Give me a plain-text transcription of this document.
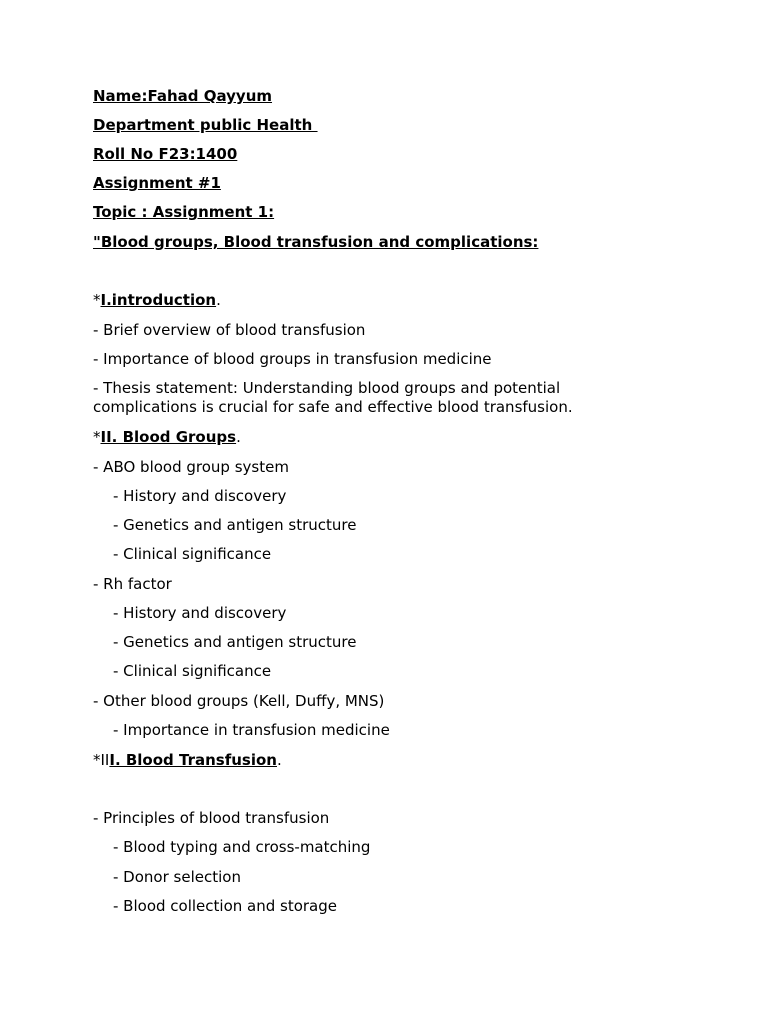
Name:Fahad Qayyum
Department public Health
Roll No F23:1400
Assignment #1
Topic : Assignment 1:
"Blood groups, Blood transfusion and complications:
*I.introduction.
- Brief overview of blood transfusion
- Importance of blood groups in transfusion medicine
- Thesis statement: Understanding blood groups and potential complications is crucial for safe and effective blood transfusion.
*II. Blood Groups.
- ABO blood group system
- History and discovery
- Genetics and antigen structure
- Clinical significance
- Rh factor
- History and discovery
- Genetics and antigen structure
- Clinical significance
- Other blood groups (Kell, Duffy, MNS)
- Importance in transfusion medicine
*III. Blood Transfusion.
- Principles of blood transfusion
- Blood typing and cross-matching
- Donor selection
- Blood collection and storage
